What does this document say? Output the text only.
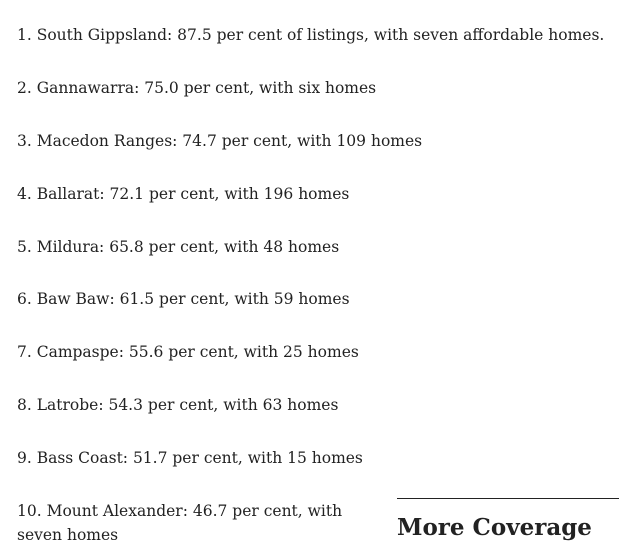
1. South Gippsland: 87.5 per cent of listings, with seven affordable homes.
2. Gannawarra: 75.0 per cent, with six homes
3. Macedon Ranges: 74.7 per cent, with 109 homes
4. Ballarat: 72.1 per cent, with 196 homes
5. Mildura: 65.8 per cent, with 48 homes
6. Baw Baw: 61.5 per cent, with 59 homes
7. Campaspe: 55.6 per cent, with 25 homes
8. Latrobe: 54.3 per cent, with 63 homes
9. Bass Coast: 51.7 per cent, with 15 homes
10. Mount Alexander: 46.7 per cent, with seven homes	More Coverage
